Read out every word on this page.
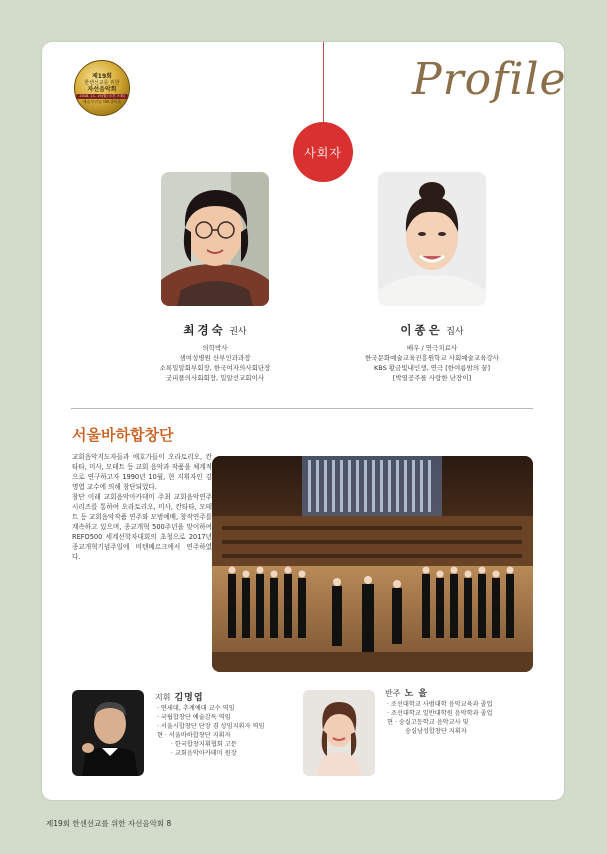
제19회
한센선교를 위한
자선음악회
2018. 11. 19(월) 오후 7:30
예술의전당 IBK챔버홀	Profile
사회자
최경숙 권사
의학박사
샘여성병원 산부인과과장
소록밀알회부회장, 한국여자의사회단장
굿피플의사회회장, 밀알선교회이사
이종은 집사
배우 / 연극치료사
한국문화예술교육진흥원학교 사회예술교육강사
KBS 황금빛내인생, 연극 [한여름밤의 꿈]
[박열공주를 사랑한 난장이]
서울바하합창단

교회음악지도자들과 애호가들이 오라토리오, 칸타타, 미사, 모테트 등 교회 음악과 작품을 체계적으로 연구하고자 1990년 10월, 현 지휘자인 김명엽 교수에 의해 창단되었다.

창단 이래 교회음악아카데미 주최 교회음악연주시리즈를 통하여 오라토리오, 미사, 칸타타, 모테트 등 교회음악작품 연주와 모범예배, 창작연주를 계속하고 있으며, 종교개혁 500주년을 맞이하여 REFO500 세계선학자대회의 초청으로 2017년 종교개혁기념주일에 비텐베르크에서 연주하였다.

지휘 김명엽
· 연세대, 추계예대 교수 역임
· 국립합창단 예술감독 역임
· 서울시합창단 단장 겸 상임지휘자 역임
현 · 서울바하합창단 지휘자
· 한국합창지휘협회 고문
· 교회음악아카데미 원장
반주 노 을
· 조선대학교 사범대학 음악교육과 졸업
· 조선대학교 일반대학원 음악학과 졸업
현 · 숭실고등학교 음악교사 및
숭실남성합창단 지휘자
제19회 한센선교를 위한 자선음악회 8
